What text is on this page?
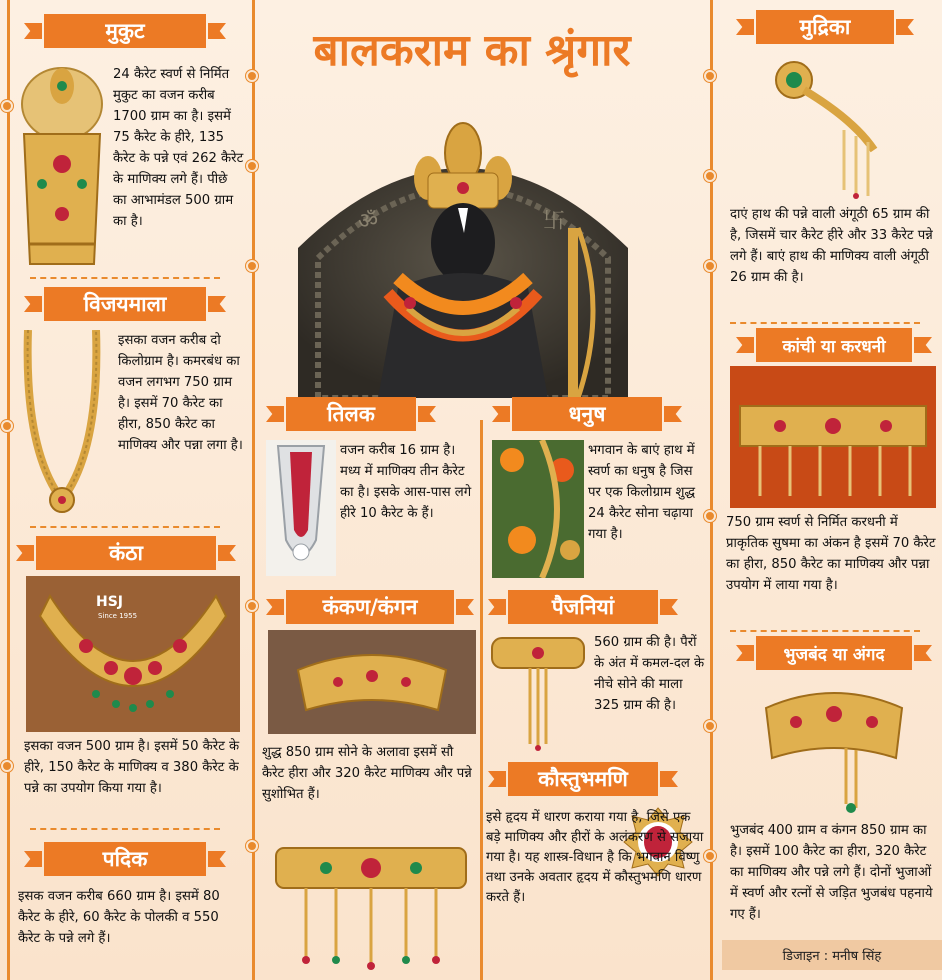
बालकराम का श्रृंगार
ॐ	卐
मुकुट
24 कैरेट स्वर्ण से निर्मित मुकुट का वजन करीब 1700 ग्राम का है। इसमें 75 कैरेट के हीरे, 135 कैरेट के पन्ने एवं 262 कैरेट के माणिक्य लगे हैं। पीछे का आभामंडल 500 ग्राम का है।
विजयमाला
इसका वजन करीब दो किलोग्राम है। कमरबंध का वजन लगभग 750 ग्राम है। इसमें 70 कैरेट का हीरा, 850 कैरेट का माणिक्य और पन्ना लगा है।
कंठा
HSJ
Since 1955
इसका वजन 500 ग्राम है। इसमें 50 कैरेट के हीरे, 150 कैरेट के माणिक्य व 380 कैरेट के पन्ने का उपयोग किया गया है।
पदिक
इसक वजन करीब 660 ग्राम है। इसमें 80 कैरेट के हीरे, 60 कैरेट के पोलकी व 550 कैरेट के पन्ने लगे हैं।
तिलक
वजन करीब 16 ग्राम है। मध्य में माणिक्य तीन कैरेट का है। इसके आस-पास लगे हीरे 10 कैरेट के हैं।
कंकण/कंगन
शुद्ध 850 ग्राम सोने के अलावा इसमें सौ कैरेट हीरा और 320 कैरेट माणिक्य और पन्ने सुशोभित हैं।
धनुष
भगवान के बाएं हाथ में स्वर्ण का धनुष है जिस पर एक किलोग्राम शुद्ध 24 कैरेट सोना चढ़ाया गया है।
पैजनियां
560 ग्राम की है। पैरों के अंत में कमल-दल के नीचे सोने की माला 325 ग्राम की है।
कौस्तुभमणि
इसे हृदय में धारण कराया गया है, जिसे एक बड़े माणिक्य और हीरों के अलंकरण से सजाया गया है। यह शास्त्र-विधान है कि भगवान विष्णु तथा उनके अवतार हृदय में कौस्तुभमणि धारण करते हैं।
मुद्रिका
दाएं हाथ की पन्ने वाली अंगूठी 65 ग्राम की है, जिसमें चार कैरेट हीरे और 33 कैरेट पन्ने लगे हैं। बाएं हाथ की माणिक्य वाली अंगूठी 26 ग्राम की है।
कांची या करधनी
750 ग्राम स्वर्ण से निर्मित करधनी में प्राकृतिक सुषमा का अंकन है इसमें 70 कैरेट का हीरा, 850 कैरेट का माणिक्य और पन्ना उपयोग में लाया गया है।
भुजबंद या अंगद
भुजबंद 400 ग्राम व कंगन 850 ग्राम का है। इसमें 100 कैरेट का हीरा, 320 कैरेट का माणिक्य और पन्ने लगे हैं। दोनों भुजाओं में स्वर्ण और रत्नों से जड़ित भुजबंध पहनाये गए हैं।
डिजाइन : मनीष सिंह
